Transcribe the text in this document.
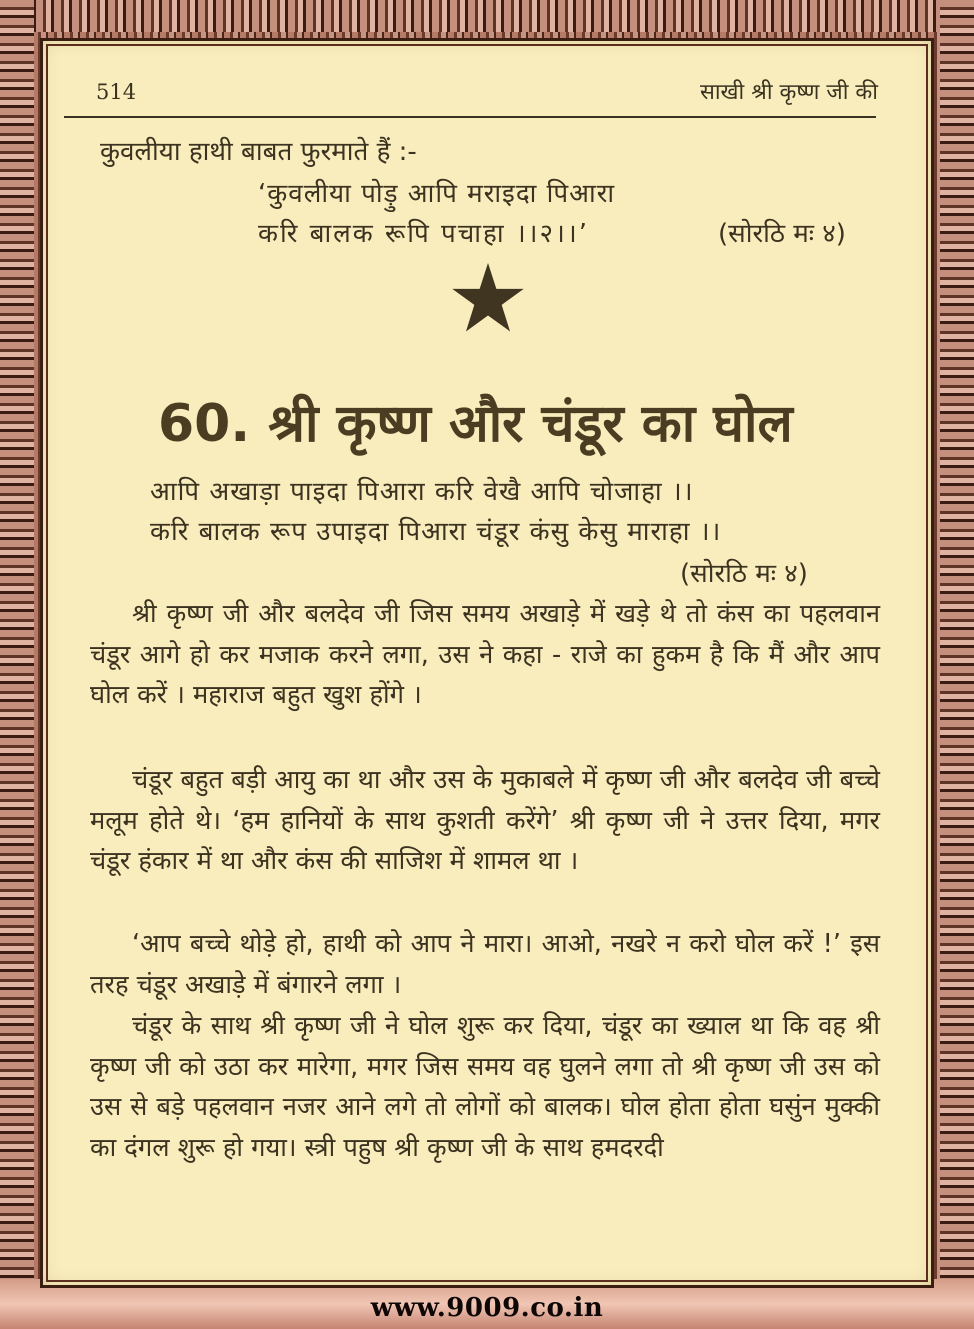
www.9009.co.in
514	साखी श्री कृष्ण जी की
कुवलीया हाथी बाबत फुरमाते हैं :-
‘कुवलीया पोड़ु आपि मराइदा पिआरा
करि बालक रूपि पचाहा ।।२।।’	(सोरठि मः ४)
60. श्री कृष्ण और चंडूर का घोल
आपि अखाड़ा पाइदा पिआरा करि वेखै आपि चोजाहा ।।
करि बालक रूप उपाइदा पिआरा चंडूर कंसु केसु माराहा ।।
(सोरठि मः ४)
श्री कृष्ण जी और बलदेव जी जिस समय अखाड़े में खड़े थे तो कंस का पहलवान चंडूर आगे हो कर मजाक करने लगा, उस ने कहा - राजे का हुकम है कि मैं और आप घोल करें । महाराज बहुत खुश होंगे ।
चंडूर बहुत बड़ी आयु का था और उस के मुकाबले में कृष्ण जी और बलदेव जी बच्चे मलूम होते थे। ‘हम हानियों के साथ कुशती करेंगे’ श्री कृष्ण जी ने उत्तर दिया, मगर चंडूर हंकार में था और कंस की साजिश में शामल था ।
‘आप बच्चे थोड़े हो, हाथी को आप ने मारा। आओ, नखरे न करो घोल करें !’ इस तरह चंडूर अखाड़े में बंगारने लगा ।
चंडूर के साथ श्री कृष्ण जी ने घोल शुरू कर दिया, चंडूर का ख्याल था कि वह श्री कृष्ण जी को उठा कर मारेगा, मगर जिस समय वह घुलने लगा तो श्री कृष्ण जी उस को उस से बड़े पहलवान नजर आने लगे तो लोगों को बालक। घोल होता होता घसुंन मुक्की का दंगल शुरू हो गया। स्त्री पहुष श्री कृष्ण जी के साथ हमदरदी
